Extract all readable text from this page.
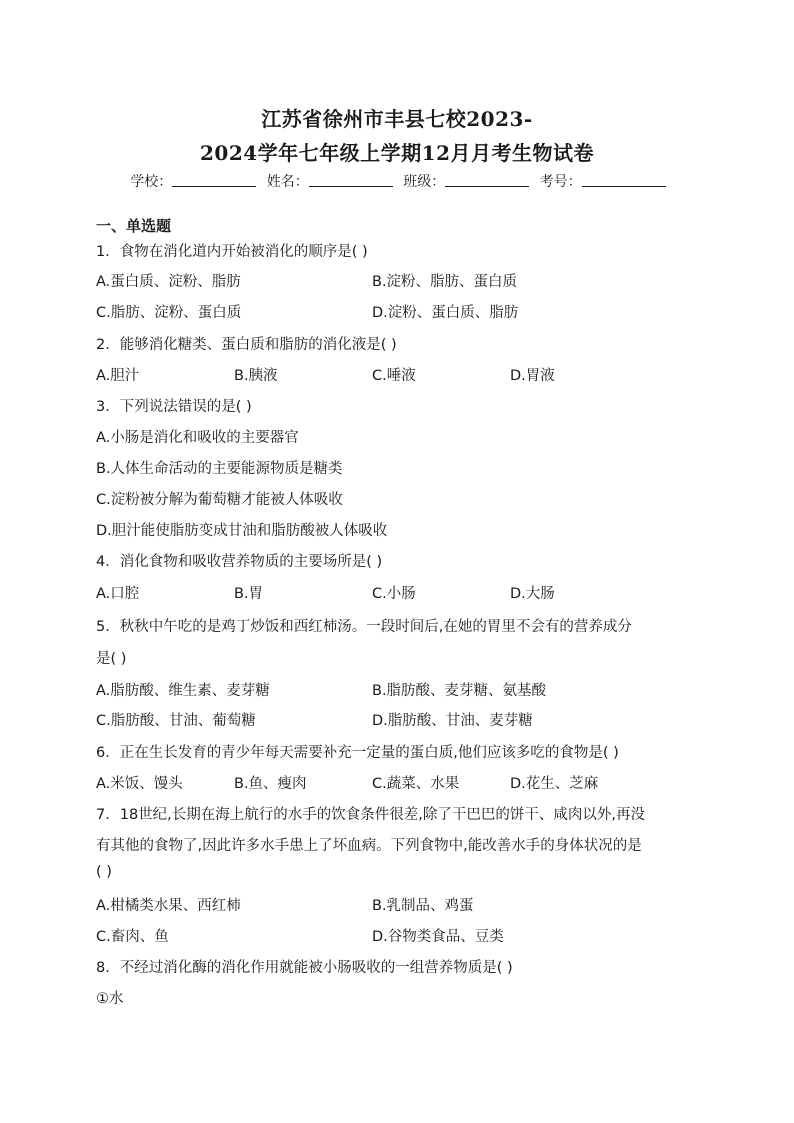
江苏省徐州市丰县七校2023-
2024学年七年级上学期12月月考生物试卷
学校：	姓名：	班级：	考号：
一、单选题
1．食物在消化道内开始被消化的顺序是( )
A.蛋白质、淀粉、脂肪	B.淀粉、脂肪、蛋白质
C.脂肪、淀粉、蛋白质	D.淀粉、蛋白质、脂肪
2．能够消化糖类、蛋白质和脂肪的消化液是( )
A.胆汁	B.胰液	C.唾液	D.胃液
3．下列说法错误的是( )
A.小肠是消化和吸收的主要器官
B.人体生命活动的主要能源物质是糖类
C.淀粉被分解为葡萄糖才能被人体吸收
D.胆汁能使脂肪变成甘油和脂肪酸被人体吸收
4．消化食物和吸收营养物质的主要场所是( )
A.口腔	B.胃	C.小肠	D.大肠
5．秋秋中午吃的是鸡丁炒饭和西红柿汤。一段时间后,在她的胃里不会有的营养成分
是( )
A.脂肪酸、维生素、麦芽糖	B.脂肪酸、麦芽糖、氨基酸
C.脂肪酸、甘油、葡萄糖	D.脂肪酸、甘油、麦芽糖
6．正在生长发育的青少年每天需要补充一定量的蛋白质,他们应该多吃的食物是( )
A.米饭、馒头	B.鱼、瘦肉	C.蔬菜、水果	D.花生、芝麻
7．18世纪,长期在海上航行的水手的饮食条件很差,除了干巴巴的饼干、咸肉以外,再没
有其他的食物了,因此许多水手患上了坏血病。下列食物中,能改善水手的身体状况的是
( )
A.柑橘类水果、西红柿	B.乳制品、鸡蛋
C.畜肉、鱼	D.谷物类食品、豆类
8．不经过消化酶的消化作用就能被小肠吸收的一组营养物质是( )
①水
